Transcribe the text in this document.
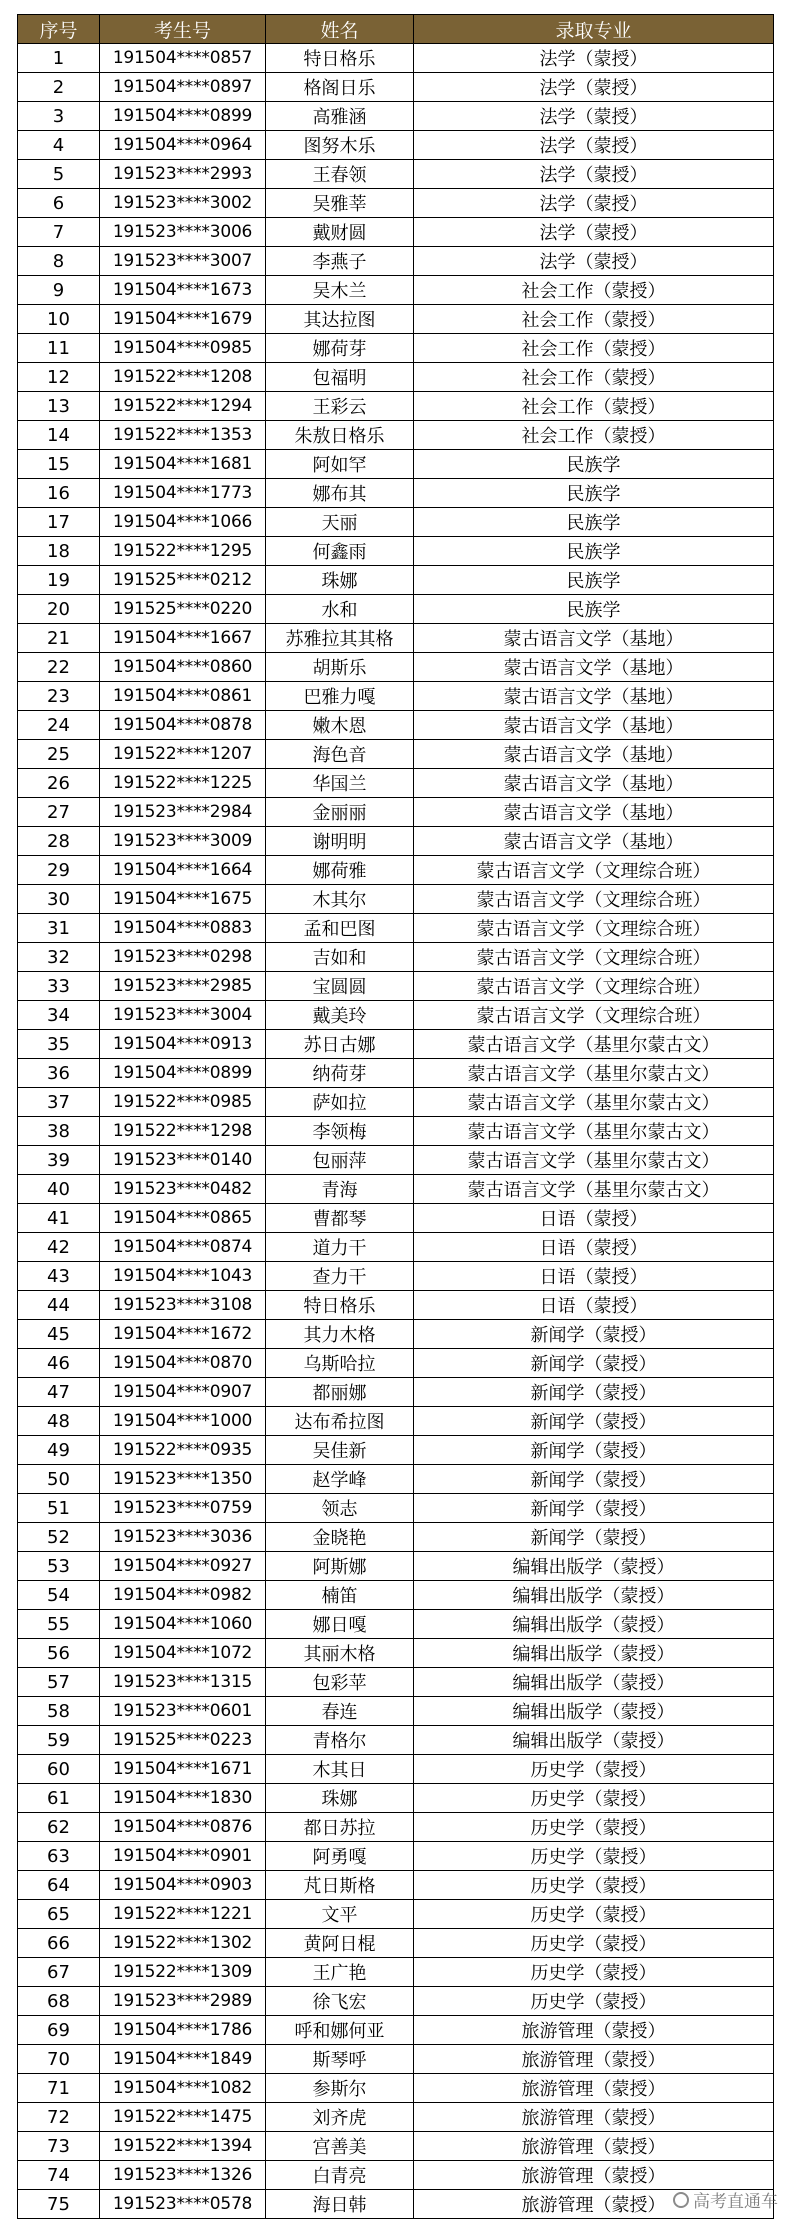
序号	考生号	姓名	录取专业
1	191504****0857	特日格乐	法学（蒙授）
2	191504****0897	格阁日乐	法学（蒙授）
3	191504****0899	高雅涵	法学（蒙授）
4	191504****0964	图努木乐	法学（蒙授）
5	191523****2993	王春领	法学（蒙授）
6	191523****3002	吴雅莘	法学（蒙授）
7	191523****3006	戴财圆	法学（蒙授）
8	191523****3007	李燕子	法学（蒙授）
9	191504****1673	吴木兰	社会工作（蒙授）
10	191504****1679	其达拉图	社会工作（蒙授）
11	191504****0985	娜荷芽	社会工作（蒙授）
12	191522****1208	包福明	社会工作（蒙授）
13	191522****1294	王彩云	社会工作（蒙授）
14	191522****1353	朱敖日格乐	社会工作（蒙授）
15	191504****1681	阿如罕	民族学
16	191504****1773	娜布其	民族学
17	191504****1066	天丽	民族学
18	191522****1295	何鑫雨	民族学
19	191525****0212	珠娜	民族学
20	191525****0220	水和	民族学
21	191504****1667	苏雅拉其其格	蒙古语言文学（基地）
22	191504****0860	胡斯乐	蒙古语言文学（基地）
23	191504****0861	巴雅力嘎	蒙古语言文学（基地）
24	191504****0878	嫩木恩	蒙古语言文学（基地）
25	191522****1207	海色音	蒙古语言文学（基地）
26	191522****1225	华国兰	蒙古语言文学（基地）
27	191523****2984	金丽丽	蒙古语言文学（基地）
28	191523****3009	谢明明	蒙古语言文学（基地）
29	191504****1664	娜荷雅	蒙古语言文学（文理综合班）
30	191504****1675	木其尔	蒙古语言文学（文理综合班）
31	191504****0883	孟和巴图	蒙古语言文学（文理综合班）
32	191523****0298	吉如和	蒙古语言文学（文理综合班）
33	191523****2985	宝圆圆	蒙古语言文学（文理综合班）
34	191523****3004	戴美玲	蒙古语言文学（文理综合班）
35	191504****0913	苏日古娜	蒙古语言文学（基里尔蒙古文）
36	191504****0899	纳荷芽	蒙古语言文学（基里尔蒙古文）
37	191522****0985	萨如拉	蒙古语言文学（基里尔蒙古文）
38	191522****1298	李领梅	蒙古语言文学（基里尔蒙古文）
39	191523****0140	包丽萍	蒙古语言文学（基里尔蒙古文）
40	191523****0482	青海	蒙古语言文学（基里尔蒙古文）
41	191504****0865	曹都琴	日语（蒙授）
42	191504****0874	道力干	日语（蒙授）
43	191504****1043	查力干	日语（蒙授）
44	191523****3108	特日格乐	日语（蒙授）
45	191504****1672	其力木格	新闻学（蒙授）
46	191504****0870	乌斯哈拉	新闻学（蒙授）
47	191504****0907	都丽娜	新闻学（蒙授）
48	191504****1000	达布希拉图	新闻学（蒙授）
49	191522****0935	吴佳新	新闻学（蒙授）
50	191523****1350	赵学峰	新闻学（蒙授）
51	191523****0759	领志	新闻学（蒙授）
52	191523****3036	金晓艳	新闻学（蒙授）
53	191504****0927	阿斯娜	编辑出版学（蒙授）
54	191504****0982	楠笛	编辑出版学（蒙授）
55	191504****1060	娜日嘎	编辑出版学（蒙授）
56	191504****1072	其丽木格	编辑出版学（蒙授）
57	191523****1315	包彩苹	编辑出版学（蒙授）
58	191523****0601	春连	编辑出版学（蒙授）
59	191525****0223	青格尔	编辑出版学（蒙授）
60	191504****1671	木其日	历史学（蒙授）
61	191504****1830	珠娜	历史学（蒙授）
62	191504****0876	都日苏拉	历史学（蒙授）
63	191504****0901	阿勇嘎	历史学（蒙授）
64	191504****0903	芃日斯格	历史学（蒙授）
65	191522****1221	文平	历史学（蒙授）
66	191522****1302	黄阿日棍	历史学（蒙授）
67	191522****1309	王广艳	历史学（蒙授）
68	191523****2989	徐飞宏	历史学（蒙授）
69	191504****1786	呼和娜何亚	旅游管理（蒙授）
70	191504****1849	斯琴呼	旅游管理（蒙授）
71	191504****1082	参斯尔	旅游管理（蒙授）
72	191522****1475	刘齐虎	旅游管理（蒙授）
73	191522****1394	宫善美	旅游管理（蒙授）
74	191523****1326	白青亮	旅游管理（蒙授）
75	191523****0578	海日韩	旅游管理（蒙授） 高考直通车
